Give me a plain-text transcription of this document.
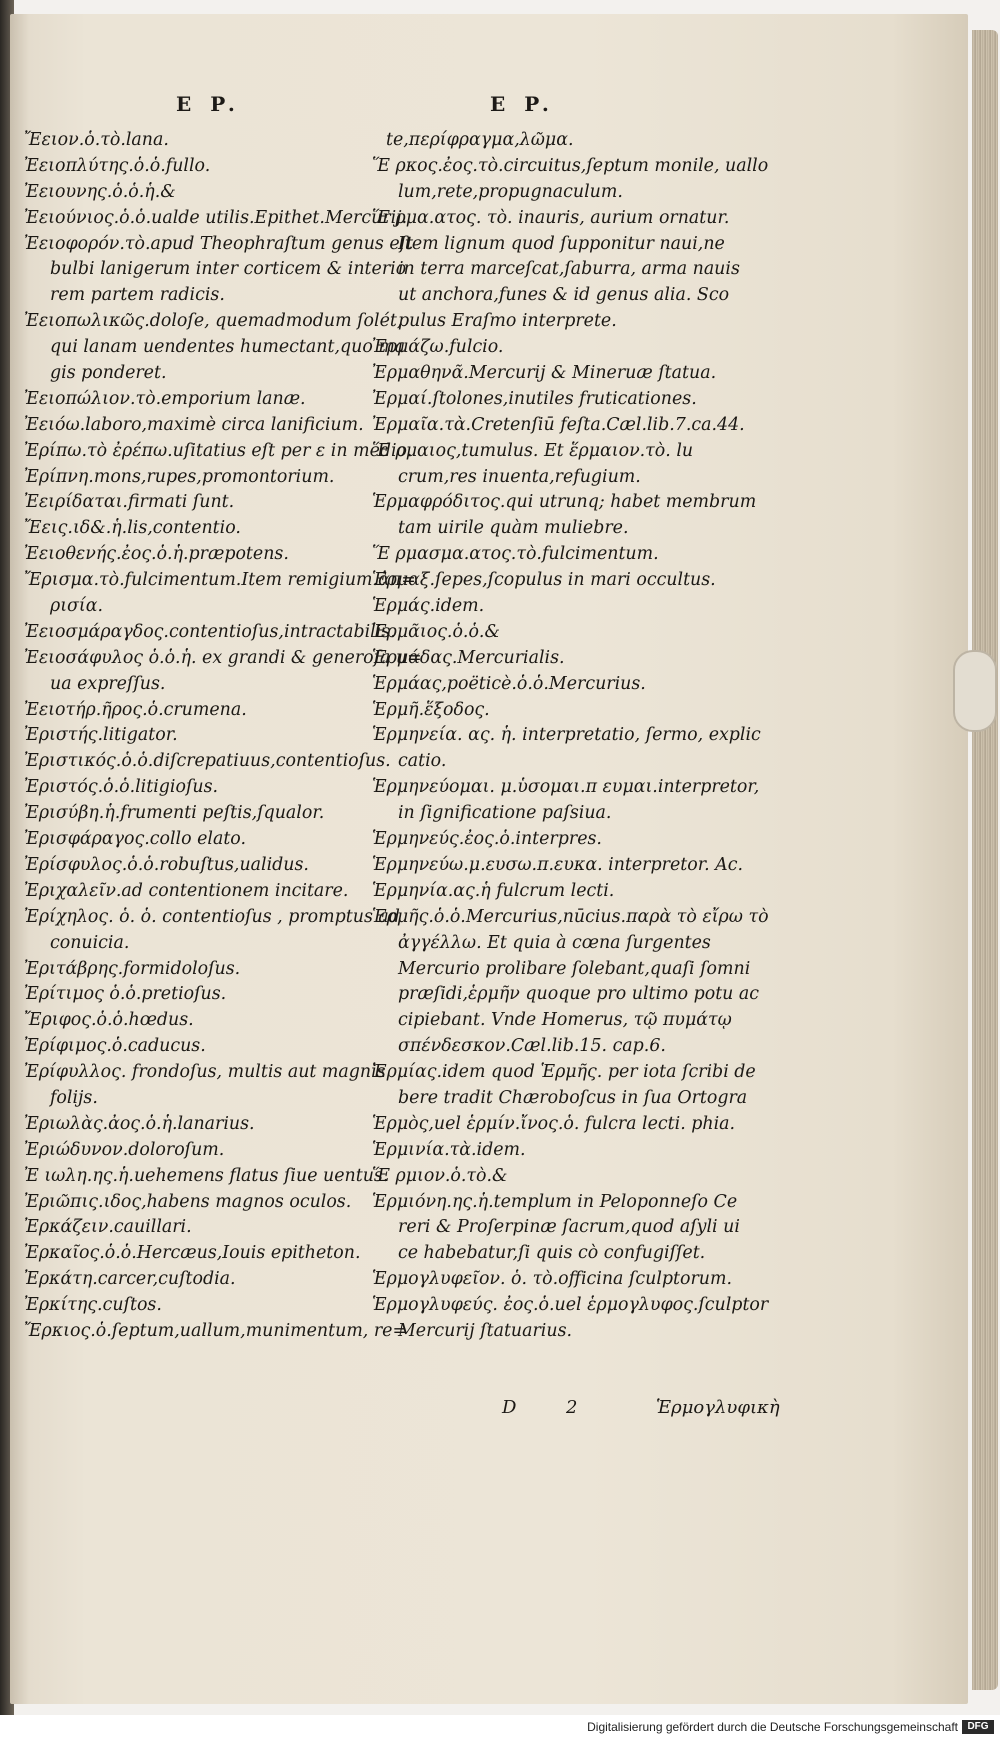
E P.	E P.
Ἔειον.ὁ.τὸ.lana.
Ἐειοπλύτης.ὁ.ὁ.fullo.
Ἐειουνης.ὁ.ὁ.ἡ.&
Ἐειούνιος.ὁ.ὁ.ualde utilis.Epithet.Mercurij.
Ἐειοφορόν.τὸ.apud Theophraſtum genus eſt
bulbi lanigerum inter corticem & interio
rem partem radicis.
Ἐειοπωλικῶς.doloſe, quemadmodum ſolét,
qui lanam uendentes humectant,quo ma
gis ponderet.
Ἐειοπώλιον.τὸ.emporium lanæ.
Ἐειόω.laboro,maximè circa lanificium.
Ἐρίπω.τὸ ἐρέπω.uſitatius eſt per ε in medio.
Ἐρίπνη.mons,rupes,promontorium.
Ἐειρίδαται.firmati ſunt.
Ἔεις.ιδ&.ἡ.lis,contentio.
Ἐειοθενής.ἐος.ὁ.ἡ.præpotens.
Ἔρισμα.τὸ.fulcimentum.Item remigium.ἀπ=
ρισία.
Ἐειοσμάραγδος.contentioſus,intractabilis.
Ἐειοσάφυλος ὁ.ὁ.ἡ. ex grandi & generoſa u=
ua expreſſus.
Ἐειοτήρ.ῆρος.ὁ.crumena.
Ἐριστής.litigator.
Ἐριστικός.ὁ.ὁ.diſcrepatiuus,contentioſus.
Ἐριστός.ὁ.ὁ.litigioſus.
Ἐρισύβη.ἡ.frumenti peſtis,ſqualor.
Ἐρισφάραγος.collo elato.
Ἐρίσφυλος.ὁ.ὁ.robuſtus,ualidus.
Ἐριχαλεῖν.ad contentionem incitare.
Ἐρίχηλος. ὁ. ὁ. contentioſus , promptus ad
conuicia.
Ἐριτάβρης.formidoloſus.
Ἐρίτιμος ὁ.ὁ.pretioſus.
Ἔριφος.ὁ.ὁ.hœdus.
Ἐρίφιμος.ὁ.caducus.
Ἐρίφυλλος. frondoſus, multis aut magnis
folijs.
Ἐριωλὰς.ἀος.ὁ.ἡ.lanarius.
Ἐριώδυνον.doloroſum.
Ἐ ιωλη.ης.ἡ.uehemens flatus ſiue uentus.
Ἐριῶπις.ιδος,habens magnos oculos.
Ἐρκάζειν.cauillari.
Ἐρκαῖος.ὁ.ὁ.Hercæus,Iouis epitheton.
Ἐρκάτη.carcer,cuſtodia.
Ἐρκίτης.cuſtos.
Ἔρκιος.ὁ.ſeptum,uallum,munimentum, re=
te,περίφραγμα,λῶμα.
Ἕ ρκος.ἐος.τὸ.circuitus,ſeptum monile, uallo
lum,rete,propugnaculum.
Ἕ ρμα.ατος. τὸ. inauris, aurium ornatur.
Item lignum quod ſupponitur naui,ne
in terra marceſcat,ſaburra, arma nauis
ut anchora,funes & id genus alia. Sco
pulus Eraſmo interprete.
Ἐρμάζω.fulcio.
Ἐρμαθηνᾶ.Mercurij & Mineruæ ſtatua.
Ἐρμαί.ſtolones,inutiles fruticationes.
Ἐρμαῖα.τὰ.Cretenſiū feſta.Cæl.lib.7.ca.44.
Ἕ ρμαιος,tumulus. Et ἕρμαιον.τὸ. lu
crum,res inuenta,refugium.
Ἑρμαφρόδιτος.qui utrunq; habet membrum
tam uirile quàm muliebre.
Ἕ ρμασμα.ατος.τὸ.fulcimentum.
Ἑρμαξ.ſepes,ſcopulus in mari occultus.
Ἑρμάς.idem.
Ἑρμᾶιος.ὁ.ὁ.&
Ἑρμάδας.Mercurialis.
Ἑρμάας,poëticè.ὁ.ὁ.Mercurius.
Ἑρμῆ.ἕξοδος.
Ἑρμηνεία. ας. ἡ. interpretatio, ſermo, explic
catio.
Ἑρμηνεύομαι. μ.ὑσομαι.π ευμαι.interpretor,
in ſignificatione paſsiua.
Ἑρμηνεύς.ἐος.ὁ.interpres.
Ἑρμηνεύω.μ.ευσω.π.ευκα. interpretor. Ac.
Ἑρμηνία.ας.ἡ fulcrum lecti.
Ἑρμῆς.ὁ.ὁ.Mercurius,nūcius.παρὰ τὸ εἴρω τὸ
ἀγγέλλω. Et quia à cœna ſurgentes
Mercurio prolibare ſolebant,quaſi ſomni
præſidi,ἑρμῆν quoque pro ultimo potu ac
cipiebant. Vnde Homerus, τῷ πυμάτῳ
σπένδεσκον.Cæl.lib.15. cap.6.
Ἑρμίας.idem quod Ἑρμῆς. per iota ſcribi de
bere tradit Chæroboſcus in ſua Ortogra
Ἑρμὸς,uel ἑρμίν.ἴνος.ὁ. fulcra lecti. phia.
Ἑρμινία.τὰ.idem.
Ἕ ρμιον.ὁ.τὸ.&
Ἑρμιόνη.ης.ἡ.templum in Peloponneſo Ce
reri & Proſerpinæ ſacrum,quod aſyli ui
ce habebatur,ſi quis cò confugiſſet.
Ἑρμογλυφεῖον. ὁ. τὸ.officina ſculptorum.
Ἑρμογλυφεύς. ἐος.ὁ.uel ἑρμογλυφος.ſculptor
Mercurij ſtatuarius.
D	2	Ἑρμογλυφικὴ
Digitalisierung gefördert durch die Deutsche Forschungsgemeinschaft DFG
